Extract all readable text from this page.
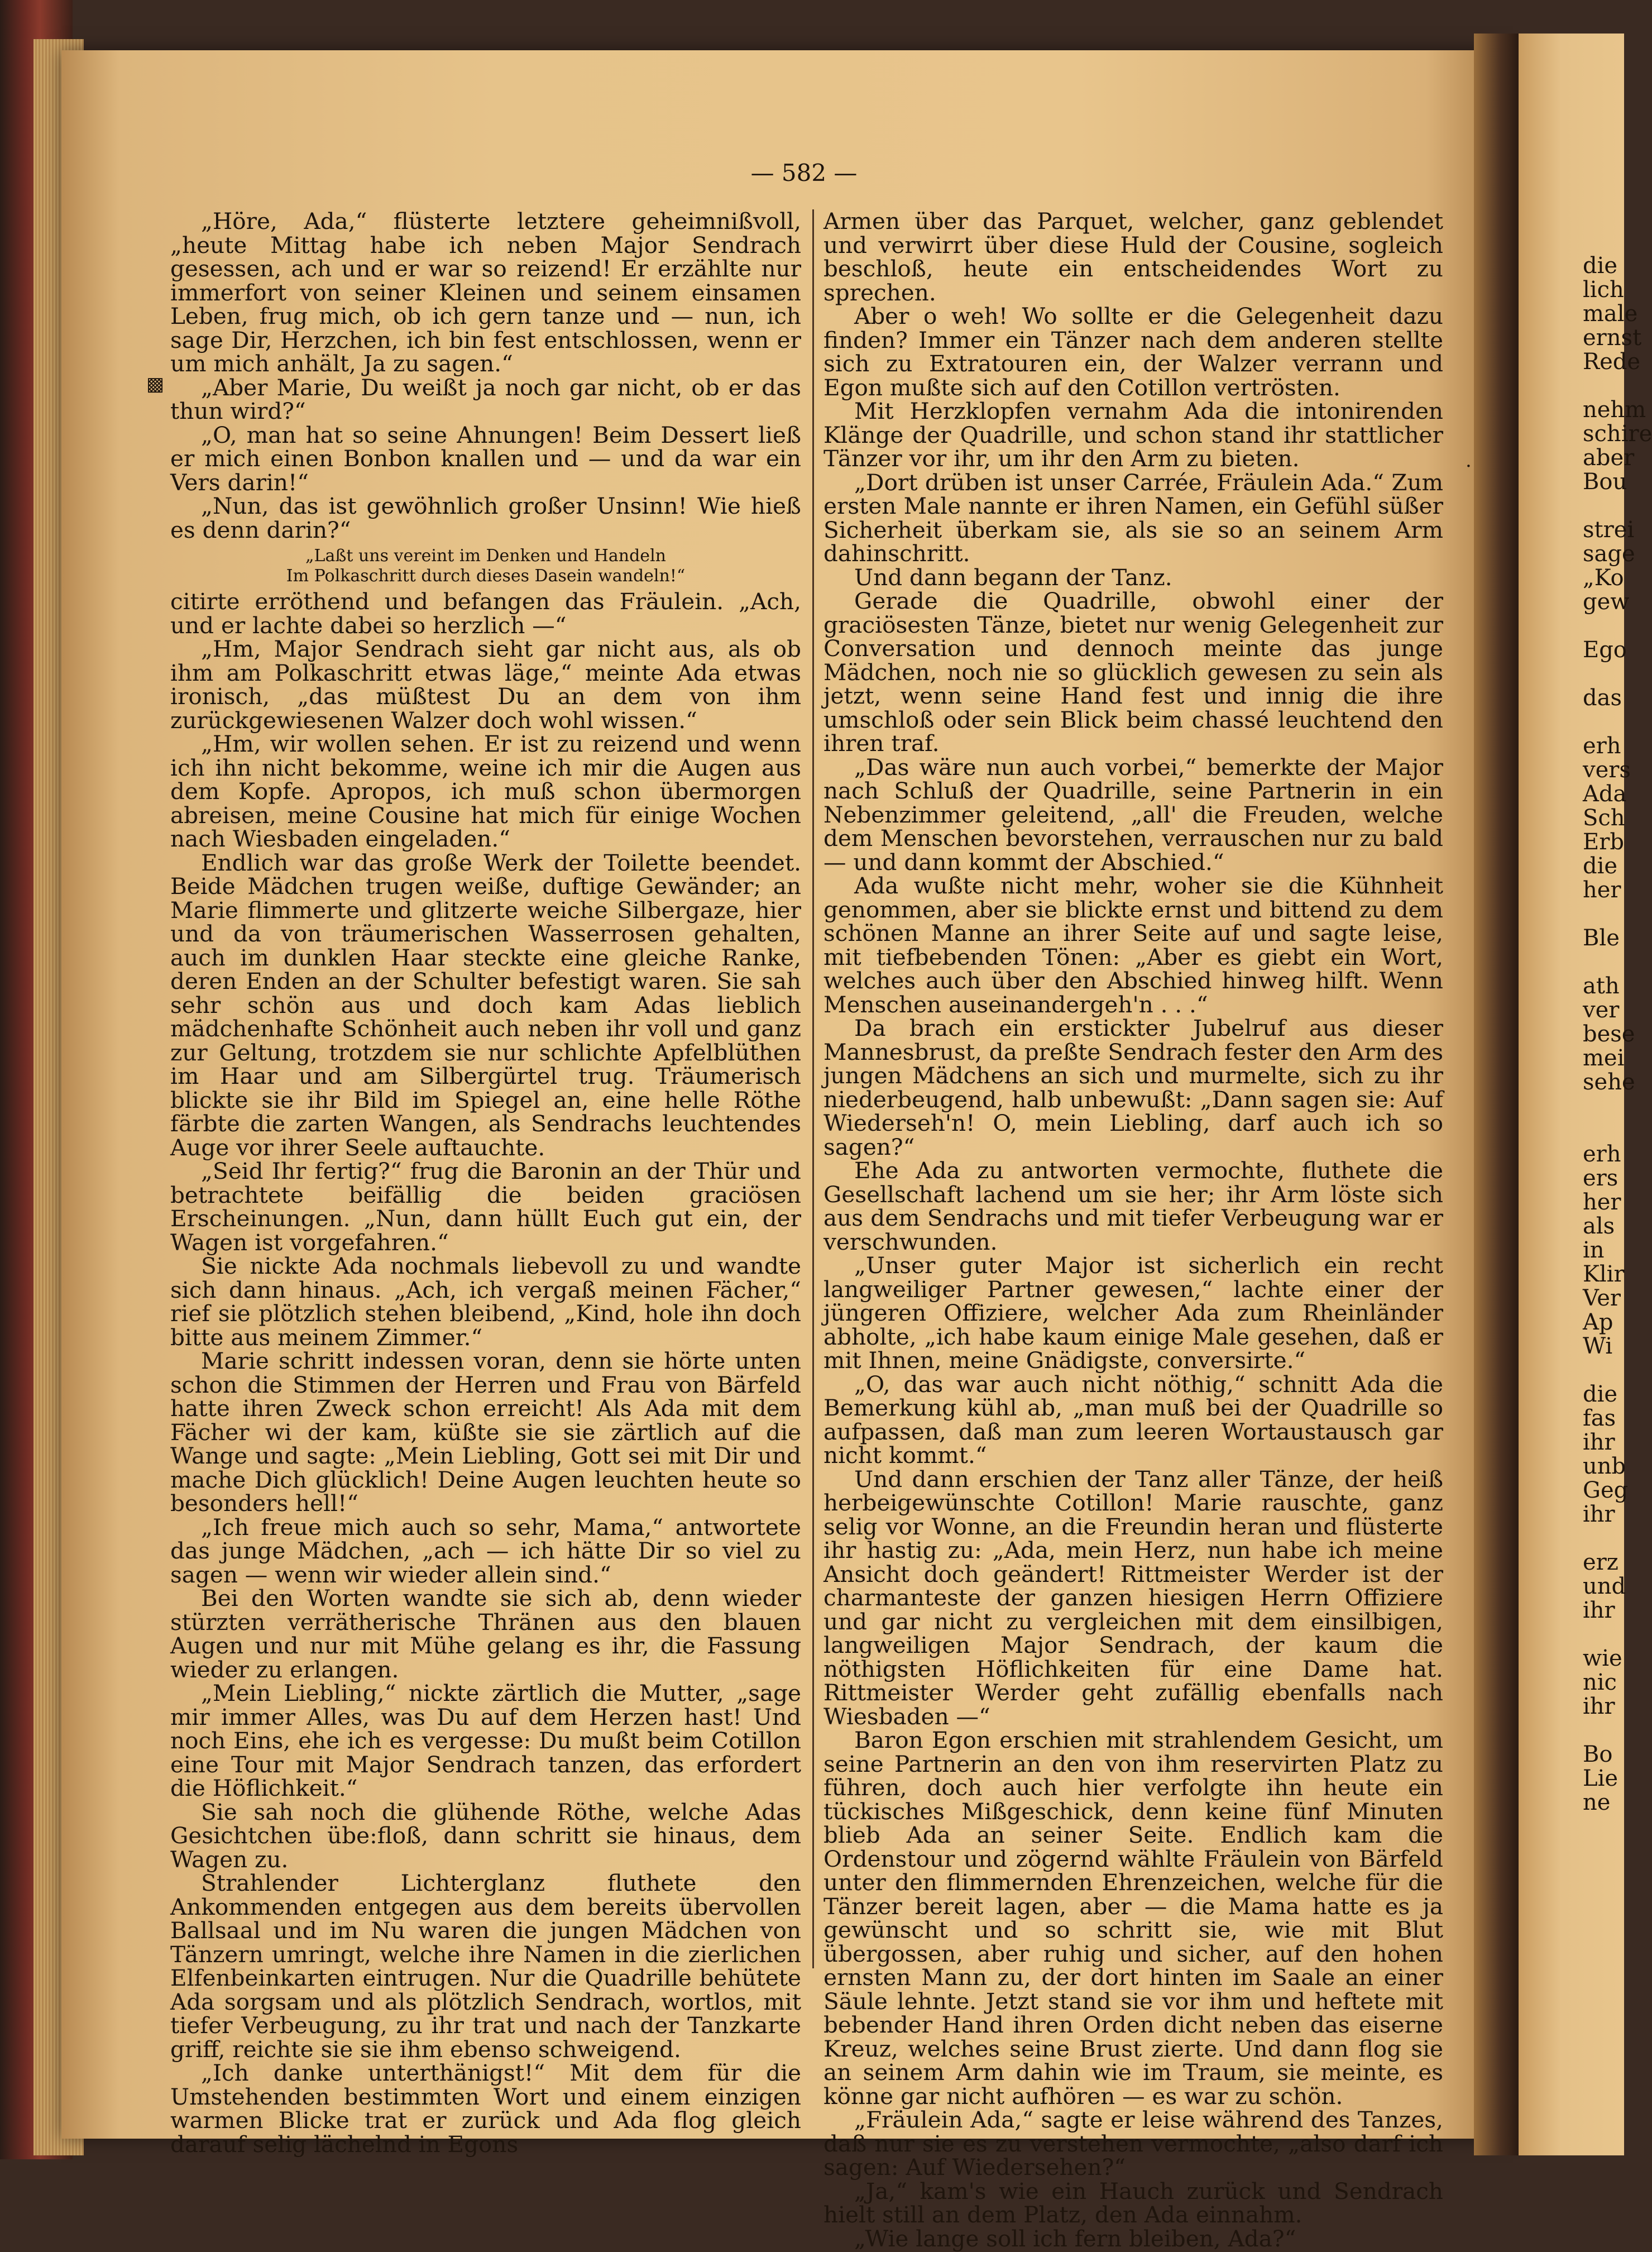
— 582 —

„Höre, Ada,“ flüsterte letztere geheimnißvoll, „heute Mittag habe ich neben Major Sendrach gesessen, ach und er war so reizend! Er erzählte nur immerfort von seiner Kleinen und seinem einsamen Leben, frug mich, ob ich gern tanze und — nun, ich sage Dir, Herzchen, ich bin fest entschlossen, wenn er um mich anhält, Ja zu sagen.“

„Aber Marie, Du weißt ja noch gar nicht, ob er das thun wird?“

„O, man hat so seine Ahnungen! Beim Dessert ließ er mich einen Bonbon knallen und — und da war ein Vers darin!“

„Nun, das ist gewöhnlich großer Unsinn! Wie hieß es denn darin?“

„Laßt uns vereint im Denken und Handeln

Im Polkaschritt durch dieses Dasein wandeln!“

citirte erröthend und befangen das Fräulein. „Ach, und er lachte dabei so herzlich —“

„Hm, Major Sendrach sieht gar nicht aus, als ob ihm am Polkaschritt etwas läge,“ meinte Ada etwas ironisch, „das müßtest Du an dem von ihm zurückgewiesenen Walzer doch wohl wissen.“

„Hm, wir wollen sehen. Er ist zu reizend und wenn ich ihn nicht bekomme, weine ich mir die Augen aus dem Kopfe. Apropos, ich muß schon übermorgen abreisen, meine Cousine hat mich für einige Wochen nach Wiesbaden eingeladen.“

Endlich war das große Werk der Toilette beendet. Beide Mädchen trugen weiße, duftige Gewänder; an Marie flimmerte und glitzerte weiche Silbergaze, hier und da von träumerischen Wasserrosen gehalten, auch im dunklen Haar steckte eine gleiche Ranke, deren Enden an der Schulter befestigt waren. Sie sah sehr schön aus und doch kam Adas lieblich mädchenhafte Schönheit auch neben ihr voll und ganz zur Geltung, trotzdem sie nur schlichte Apfelblüthen im Haar und am Silbergürtel trug. Träumerisch blickte sie ihr Bild im Spiegel an, eine helle Röthe färbte die zarten Wangen, als Sendrachs leuchtendes Auge vor ihrer Seele auftauchte.

„Seid Ihr fertig?“ frug die Baronin an der Thür und betrachtete beifällig die beiden graciösen Erscheinungen. „Nun, dann hüllt Euch gut ein, der Wagen ist vorgefahren.“

Sie nickte Ada nochmals liebevoll zu und wandte sich dann hinaus. „Ach, ich vergaß meinen Fächer,“ rief sie plötzlich stehen bleibend, „Kind, hole ihn doch bitte aus meinem Zimmer.“

Marie schritt indessen voran, denn sie hörte unten schon die Stimmen der Herren und Frau von Bärfeld hatte ihren Zweck schon erreicht! Als Ada mit dem Fächer wi der kam, küßte sie sie zärtlich auf die Wange und sagte: „Mein Liebling, Gott sei mit Dir und mache Dich glücklich! Deine Augen leuchten heute so besonders hell!“

„Ich freue mich auch so sehr, Mama,“ antwortete das junge Mädchen, „ach — ich hätte Dir so viel zu sagen — wenn wir wieder allein sind.“

Bei den Worten wandte sie sich ab, denn wieder stürzten verrätherische Thränen aus den blauen Augen und nur mit Mühe gelang es ihr, die Fassung wieder zu erlangen.

„Mein Liebling,“ nickte zärtlich die Mutter, „sage mir immer Alles, was Du auf dem Herzen hast! Und noch Eins, ehe ich es vergesse: Du mußt beim Cotillon eine Tour mit Major Sendrach tanzen, das erfordert die Höflichkeit.“

Sie sah noch die glühende Röthe, welche Adas Gesichtchen übe:floß, dann schritt sie hinaus, dem Wagen zu.

Strahlender Lichterglanz fluthete den Ankommenden entgegen aus dem bereits übervollen Ballsaal und im Nu waren die jungen Mädchen von Tänzern umringt, welche ihre Namen in die zierlichen Elfenbeinkarten eintrugen. Nur die Quadrille behütete Ada sorgsam und als plötzlich Sendrach, wortlos, mit tiefer Verbeugung, zu ihr trat und nach der Tanzkarte griff, reichte sie sie ihm ebenso schweigend.

„Ich danke unterthänigst!“ Mit dem für die Umstehenden bestimmten Wort und einem einzigen warmen Blicke trat er zurück und Ada flog gleich darauf selig lächelnd in Egons

Armen über das Parquet, welcher, ganz geblendet und verwirrt über diese Huld der Cousine, sogleich beschloß, heute ein entscheidendes Wort zu sprechen.

Aber o weh! Wo sollte er die Gelegenheit dazu finden? Immer ein Tänzer nach dem anderen stellte sich zu Extratouren ein, der Walzer verrann und Egon mußte sich auf den Cotillon vertrösten.

Mit Herzklopfen vernahm Ada die intonirenden Klänge der Quadrille, und schon stand ihr stattlicher Tänzer vor ihr, um ihr den Arm zu bieten.

„Dort drüben ist unser Carrée, Fräulein Ada.“ Zum ersten Male nannte er ihren Namen, ein Gefühl süßer Sicherheit überkam sie, als sie so an seinem Arm dahinschritt.

Und dann begann der Tanz.

Gerade die Quadrille, obwohl einer der graciösesten Tänze, bietet nur wenig Gelegenheit zur Conversation und dennoch meinte das junge Mädchen, noch nie so glücklich gewesen zu sein als jetzt, wenn seine Hand fest und innig die ihre umschloß oder sein Blick beim chassé leuchtend den ihren traf.

„Das wäre nun auch vorbei,“ bemerkte der Major nach Schluß der Quadrille, seine Partnerin in ein Nebenzimmer geleitend, „all' die Freuden, welche dem Menschen bevorstehen, verrauschen nur zu bald — und dann kommt der Abschied.“

Ada wußte nicht mehr, woher sie die Kühnheit genommen, aber sie blickte ernst und bittend zu dem schönen Manne an ihrer Seite auf und sagte leise, mit tiefbebenden Tönen: „Aber es giebt ein Wort, welches auch über den Abschied hinweg hilft. Wenn Menschen auseinandergeh'n . . .“

Da brach ein erstickter Jubelruf aus dieser Mannesbrust, da preßte Sendrach fester den Arm des jungen Mädchens an sich und murmelte, sich zu ihr niederbeugend, halb unbewußt: „Dann sagen sie: Auf Wiederseh'n! O, mein Liebling, darf auch ich so sagen?“

Ehe Ada zu antworten vermochte, fluthete die Gesellschaft lachend um sie her; ihr Arm löste sich aus dem Sendrachs und mit tiefer Verbeugung war er verschwunden.

„Unser guter Major ist sicherlich ein recht langweiliger Partner gewesen,“ lachte einer der jüngeren Offiziere, welcher Ada zum Rheinländer abholte, „ich habe kaum einige Male gesehen, daß er mit Ihnen, meine Gnädigste, conversirte.“

„O, das war auch nicht nöthig,“ schnitt Ada die Bemerkung kühl ab, „man muß bei der Quadrille so aufpassen, daß man zum leeren Wortaustausch gar nicht kommt.“

Und dann erschien der Tanz aller Tänze, der heiß herbeigewünschte Cotillon! Marie rauschte, ganz selig vor Wonne, an die Freundin heran und flüsterte ihr hastig zu: „Ada, mein Herz, nun habe ich meine Ansicht doch geändert! Rittmeister Werder ist der charmanteste der ganzen hiesigen Herrn Offiziere und gar nicht zu vergleichen mit dem einsilbigen, langweiligen Major Sendrach, der kaum die nöthigsten Höflichkeiten für eine Dame hat. Rittmeister Werder geht zufällig ebenfalls nach Wiesbaden —“

Baron Egon erschien mit strahlendem Gesicht, um seine Partnerin an den von ihm reservirten Platz zu führen, doch auch hier verfolgte ihn heute ein tückisches Mißgeschick, denn keine fünf Minuten blieb Ada an seiner Seite. Endlich kam die Ordenstour und zögernd wählte Fräulein von Bärfeld unter den flimmernden Ehrenzeichen, welche für die Tänzer bereit lagen, aber — die Mama hatte es ja gewünscht und so schritt sie, wie mit Blut übergossen, aber ruhig und sicher, auf den hohen ernsten Mann zu, der dort hinten im Saale an einer Säule lehnte. Jetzt stand sie vor ihm und heftete mit bebender Hand ihren Orden dicht neben das eiserne Kreuz, welches seine Brust zierte. Und dann flog sie an seinem Arm dahin wie im Traum, sie meinte, es könne gar nicht aufhören — es war zu schön.

„Fräulein Ada,“ sagte er leise während des Tanzes, daß nur sie es zu verstehen vermochte, „also darf ich sagen: Auf Wiedersehen?“

„Ja,“ kam's wie ein Hauch zurück und Sendrach hielt still an dem Platz, den Ada einnahm.

„Wie lange soll ich fern bleiben, Ada?“

▩
·
die
lich
male
ernst
Rede
nehm
schire
aber
Bou
strei
sage
„Ko
gew
Ego
das
erh
vers
Ada
Sch
Erb
die
her
Ble
ath
ver
bese
mei
sehe
erh
ers
her
als
in
Klir
Ver
Ap
Wi
die
fas
ihr
unb
Geg
ihr
erz
und
ihr
wie
nic
ihr
Bo
Lie
ne
